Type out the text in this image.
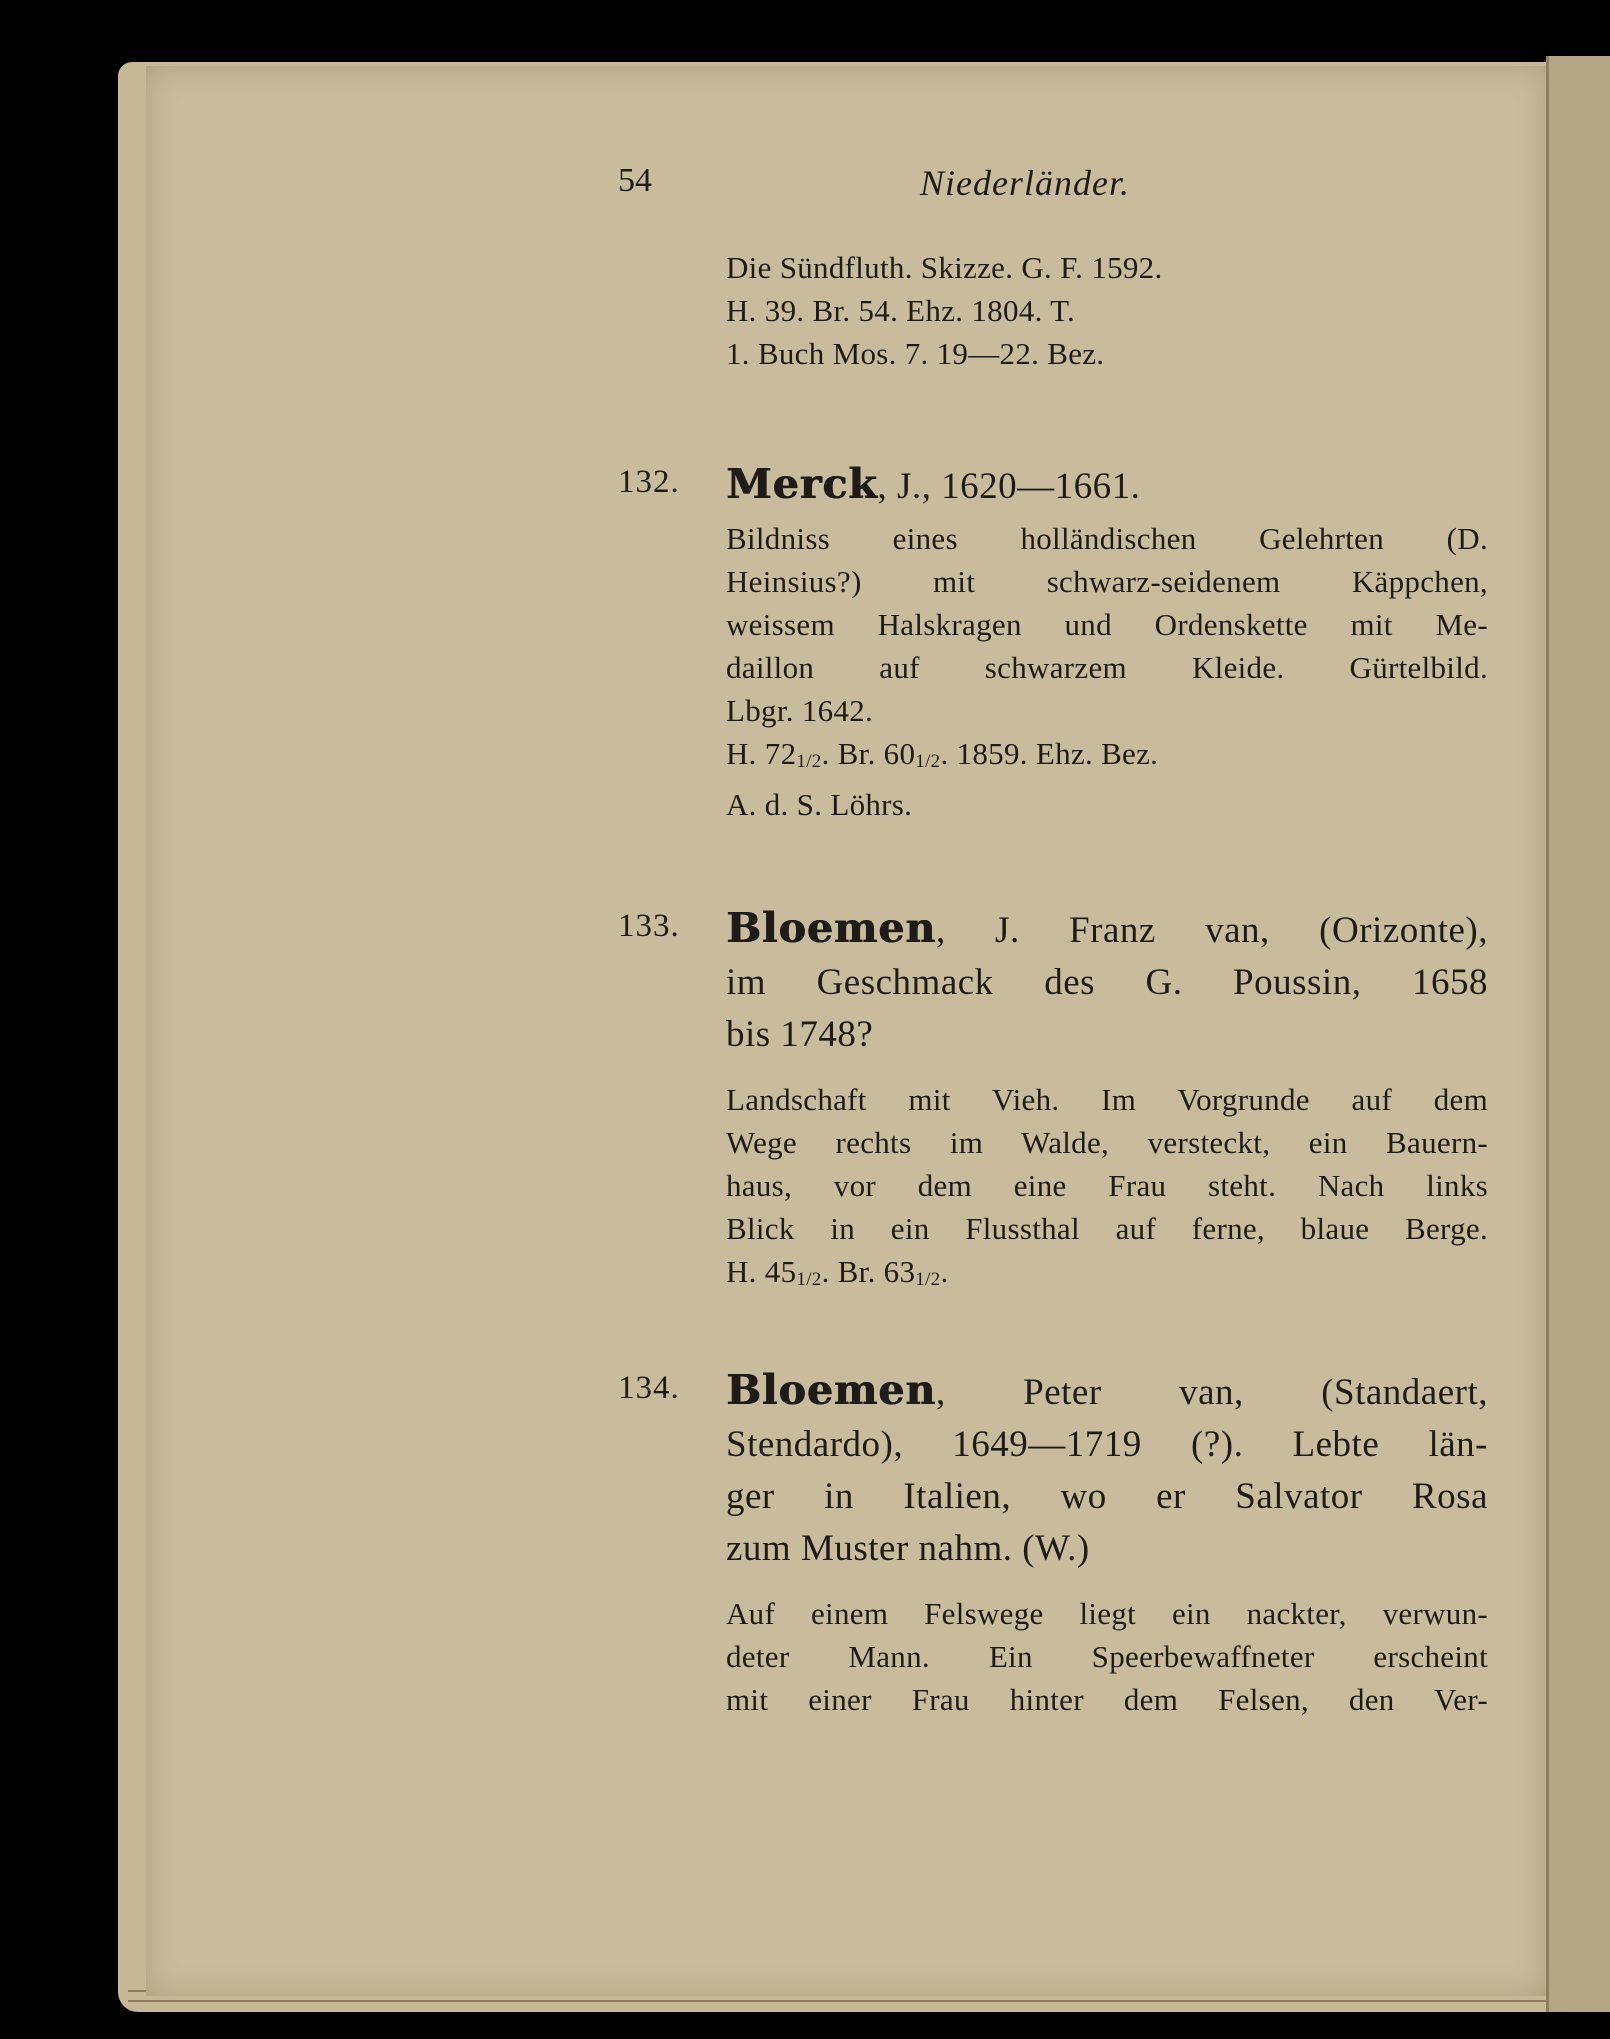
54	Niederländer.
Die Sündfluth. Skizze. G. F. 1592.
H. 39. Br. 54. Ehz. 1804. T.
1. Buch Mos. 7. 19—22. Bez.
132.	Merck, J., 1620—1661.
Bildniss eines holländischen Gelehrten (D.
Heinsius?) mit schwarz-seidenem Käppchen,
weissem Halskragen und Ordenskette mit Me-
daillon auf schwarzem Kleide. Gürtelbild.
Lbgr. 1642.
H. $72_{1/2}$. Br. $60_{1/2}$. 1859. Ehz. Bez.
A. d. S. Löhrs.
133.	Bloemen, J. Franz van, (Orizonte),
im Geschmack des G. Poussin, 1658
bis 1748?
Landschaft mit Vieh. Im Vorgrunde auf dem
Wege rechts im Walde, versteckt, ein Bauern-
haus, vor dem eine Frau steht. Nach links
Blick in ein Flussthal auf ferne, blaue Berge.
H. $45_{1/2}$. Br. $63_{1/2}$.
134.	Bloemen, Peter van, (Standaert,
Stendardo), 1649—1719 (?). Lebte län-
ger in Italien, wo er Salvator Rosa
zum Muster nahm. (W.)
Auf einem Felswege liegt ein nackter, verwun-
deter Mann. Ein Speerbewaffneter erscheint
mit einer Frau hinter dem Felsen, den Ver-
